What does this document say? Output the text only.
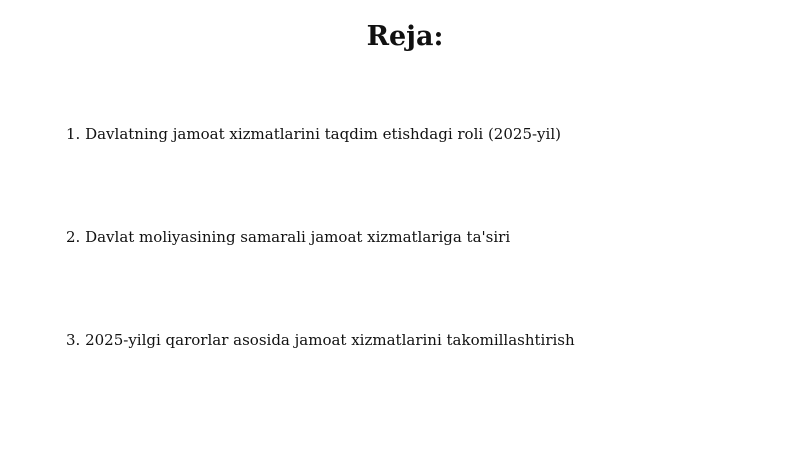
Reja:
1. Davlatning jamoat xizmatlarini taqdim etishdagi roli (2025-yil)
2. Davlat moliyasining samarali jamoat xizmatlariga ta'siri
3. 2025-yilgi qarorlar asosida jamoat xizmatlarini takomillashtirish
